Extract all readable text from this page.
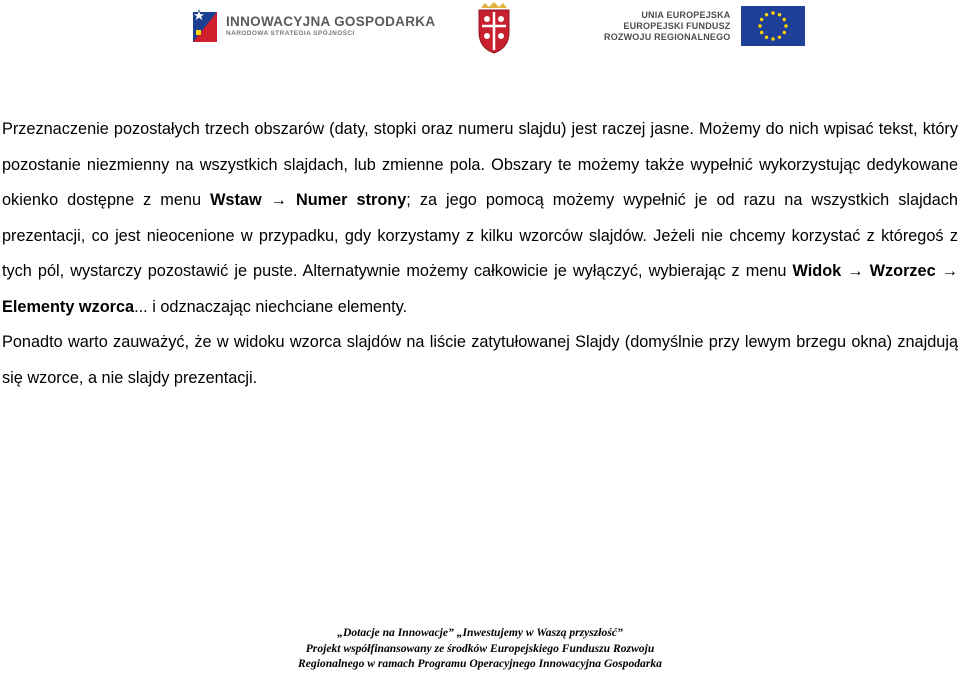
INNOWACYJNA GOSPODARKA
NARODOWA STRATEGIA SPÓJNOŚCI
UNIA EUROPEJSKA
EUROPEJSKI FUNDUSZ
ROZWOJU REGIONALNEGO

Przeznaczenie pozostałych trzech obszarów (daty, stopki oraz numeru slajdu) jest raczej jasne. Możemy do nich wpisać tekst, który pozostanie niezmienny na wszystkich slajdach, lub zmienne pola. Obszary te możemy także wypełnić wykorzystując dedykowane okienko dostępne z menu Wstaw → Numer strony; za jego pomocą możemy wypełnić je od razu na wszystkich slajdach prezentacji, co jest nieocenione w przypadku, gdy korzystamy z kilku wzorców slajdów. Jeżeli nie chcemy korzystać z któregoś z tych pól, wystarczy pozostawić je puste. Alternatywnie możemy całkowicie je wyłączyć, wybierając z menu Widok → Wzorzec → Elementy wzorca... i odznaczając niechciane elementy.

Ponadto warto zauważyć, że w widoku wzorca slajdów na liście zatytułowanej Slajdy (domyślnie przy lewym brzegu okna) znajdują się wzorce, a nie slajdy prezentacji.

„Dotacje na Innowacje” „Inwestujemy w Waszą przyszłość”
Projekt współfinansowany ze środków Europejskiego Funduszu Rozwoju
Regionalnego w ramach Programu Operacyjnego Innowacyjna Gospodarka
